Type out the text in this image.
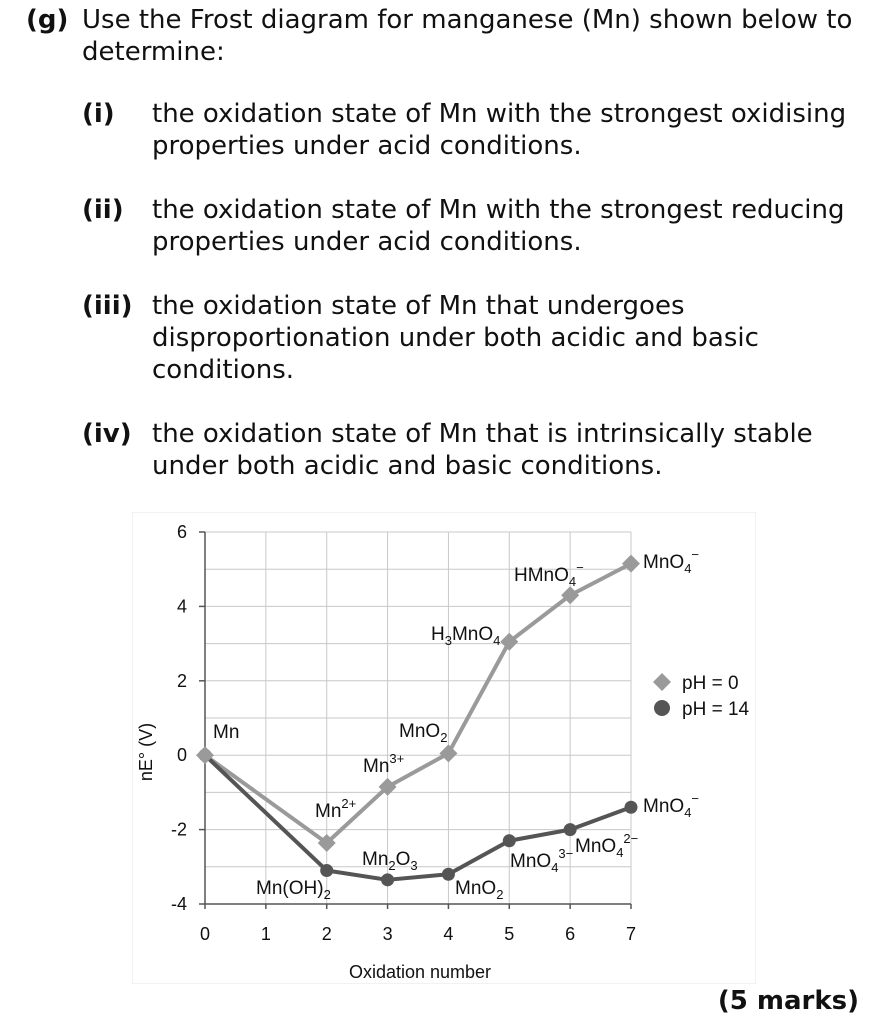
(g) Use the Frost diagram for manganese (Mn) shown below to
determine:
(i) the oxidation state of Mn with the strongest oxidising
properties under acid conditions.
(ii) the oxidation state of Mn with the strongest reducing
properties under acid conditions.
(iii) the oxidation state of Mn that undergoes
disproportionation under both acidic and basic
conditions.
(iv) the oxidation state of Mn that is intrinsically stable
under both acidic and basic conditions.
6
4
2
0
-2
-4
0	1	2	3	4	5	6	7
nE° (V)
Oxidation number
Mn
$Mn^{2+}$
$Mn^{3+}$
MnO$_2$
$H_3MnO_4$
HMnO$_4$−	MnO$_4$−
$Mn(OH)_2$
$Mn_2O_3$
MnO$_2$
MnO$_4^{3-}$ MnO$_4^{2-}$
MnO$_4$−
pH = 0
pH = 14
(5 marks)
